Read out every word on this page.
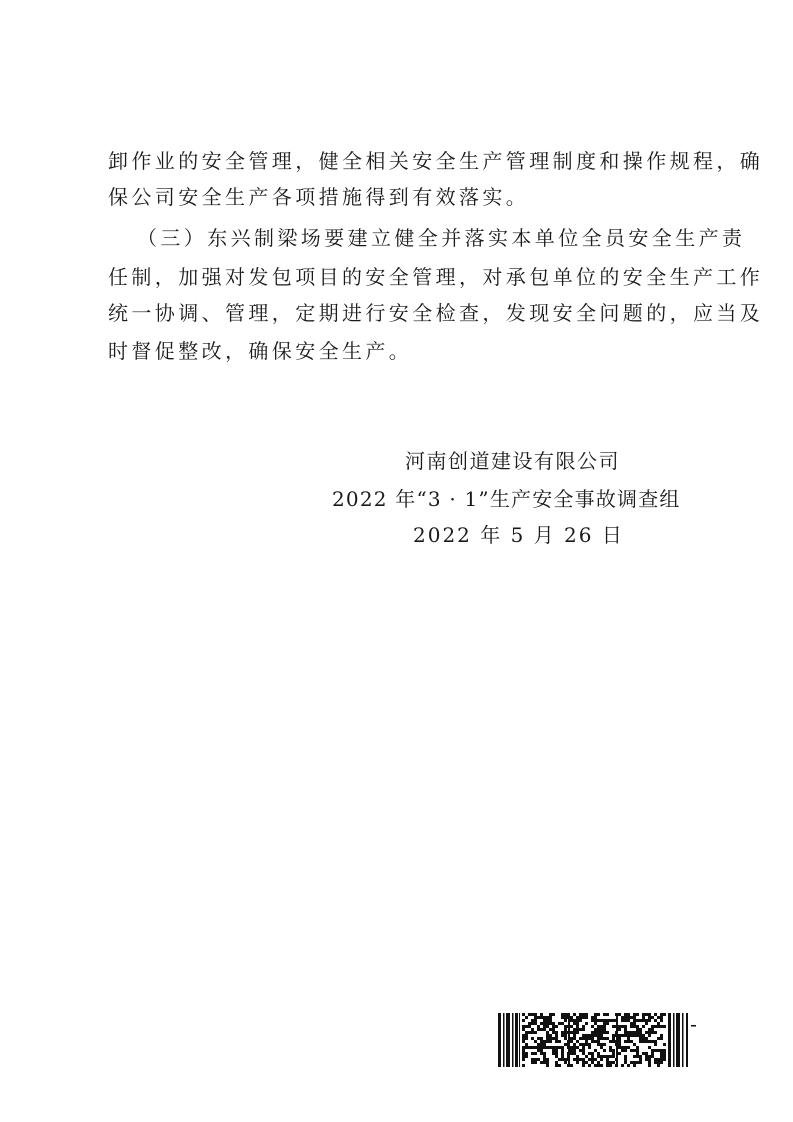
卸作业的安全管理，健全相关安全生产管理制度和操作规程，确
保公司安全生产各项措施得到有效落实。
（三）东兴制梁场要建立健全并落实本单位全员安全生产责
任制，加强对发包项目的安全管理，对承包单位的安全生产工作
统一协调、管理，定期进行安全检查，发现安全问题的，应当及
时督促整改，确保安全生产。
河南创道建设有限公司
2022 年“3 · 1”生产安全事故调查组
2022 年 5 月 26 日
